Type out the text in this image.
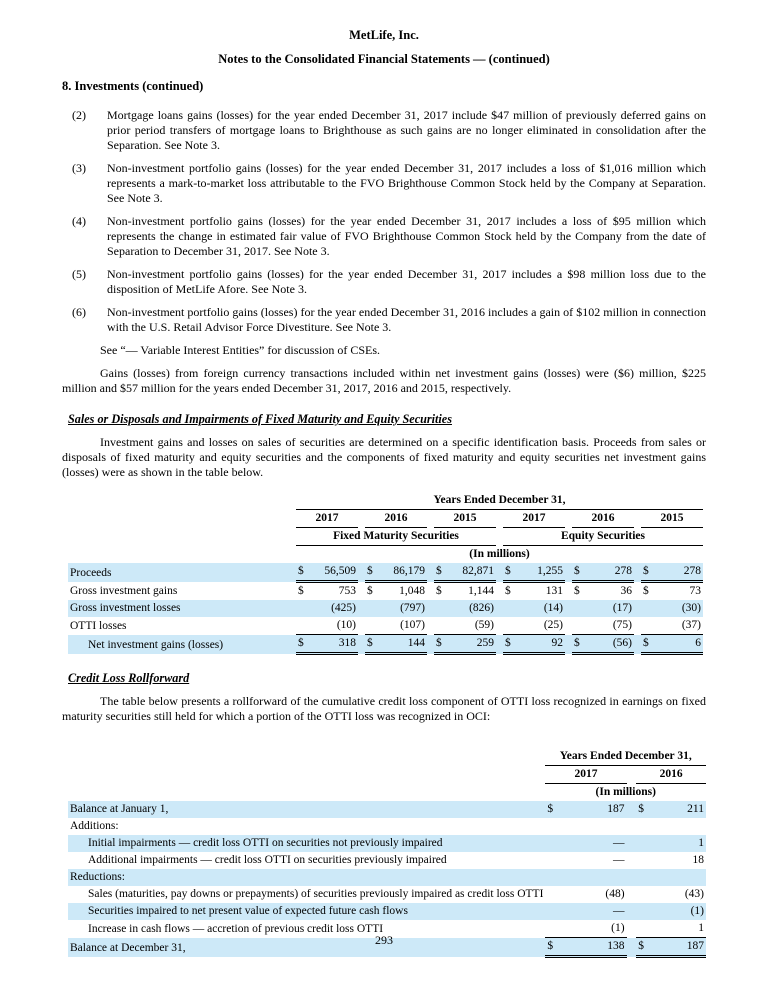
MetLife, Inc.
Notes to the Consolidated Financial Statements — (continued)
8. Investments (continued)
(2)	Mortgage loans gains (losses) for the year ended December 31, 2017 include $47 million of previously deferred gains on prior period transfers of mortgage loans to Brighthouse as such gains are no longer eliminated in consolidation after the Separation. See Note 3.
(3)	Non-investment portfolio gains (losses) for the year ended December 31, 2017 includes a loss of $1,016 million which represents a mark-to-market loss attributable to the FVO Brighthouse Common Stock held by the Company at Separation. See Note 3.
(4)	Non-investment portfolio gains (losses) for the year ended December 31, 2017 includes a loss of $95 million which represents the change in estimated fair value of FVO Brighthouse Common Stock held by the Company from the date of Separation to December 31, 2017. See Note 3.
(5)	Non-investment portfolio gains (losses) for the year ended December 31, 2017 includes a $98 million loss due to the disposition of MetLife Afore. See Note 3.
(6)	Non-investment portfolio gains (losses) for the year ended December 31, 2016 includes a gain of $102 million in connection with the U.S. Retail Advisor Force Divestiture. See Note 3.

See “— Variable Interest Entities” for discussion of CSEs.

Gains (losses) from foreign currency transactions included within net investment gains (losses) were ($6) million, $225 million and $57 million for the years ended December 31, 2017, 2016 and 2015, respectively.

Sales or Disposals and Impairments of Fixed Maturity and Equity Securities

Investment gains and losses on sales of securities are determined on a specific identification basis. Proceeds from sales or disposals of fixed maturity and equity securities and the components of fixed maturity and equity securities net investment gains (losses) were as shown in the table below.

	Years Ended December 31,																
	2017			2016			2015			2017			2016			2015	
	Fixed Maturity Securities									Equity Securities							
	(In millions)																
Proceeds	$	56,509		$	86,179		$	82,871		$	1,255		$	278		$	278
Gross investment gains	$	753		$	1,048		$	1,144		$	131		$	36		$	73
Gross investment losses		(425)			(797)			(826)			(14)			(17)			(30)
OTTI losses		(10)			(107)			(59)			(25)			(75)			(37)
Net investment gains (losses)	$	318		$	144		$	259		$	92		$	(56)		$	6
Credit Loss Rollforward

The table below presents a rollforward of the cumulative credit loss component of OTTI loss recognized in earnings on fixed maturity securities still held for which a portion of the OTTI loss was recognized in OCI:

	Years Ended December 31,				
	2017			2016	
	(In millions)				
Balance at January 1,	$	187		$	211
Additions:					
Initial impairments — credit loss OTTI on securities not previously impaired		—			1
Additional impairments — credit loss OTTI on securities previously impaired		—			18
Reductions:					
Sales (maturities, pay downs or prepayments) of securities previously impaired as credit loss OTTI		(48)			(43)
Securities impaired to net present value of expected future cash flows		—			(1)
Increase in cash flows — accretion of previous credit loss OTTI		(1)			1
Balance at December 31,	$	138		$	187
293
